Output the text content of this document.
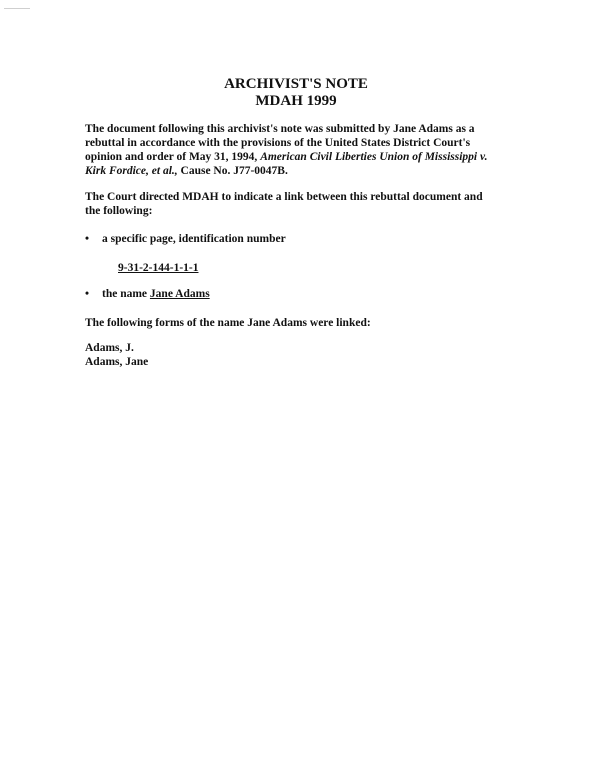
ARCHIVIST'S NOTE
MDAH 1999
The document following this archivist's note was submitted by Jane Adams as a
rebuttal in accordance with the provisions of the United States District Court's
opinion and order of May 31, 1994, American Civil Liberties Union of Mississippi v.
Kirk Fordice, et al., Cause No. J77-0047B.
The Court directed MDAH to indicate a link between this rebuttal document and
the following:
• a specific page, identification number
9-31-2-144-1-1-1
• the name Jane Adams
The following forms of the name Jane Adams were linked:
Adams, J.
Adams, Jane
